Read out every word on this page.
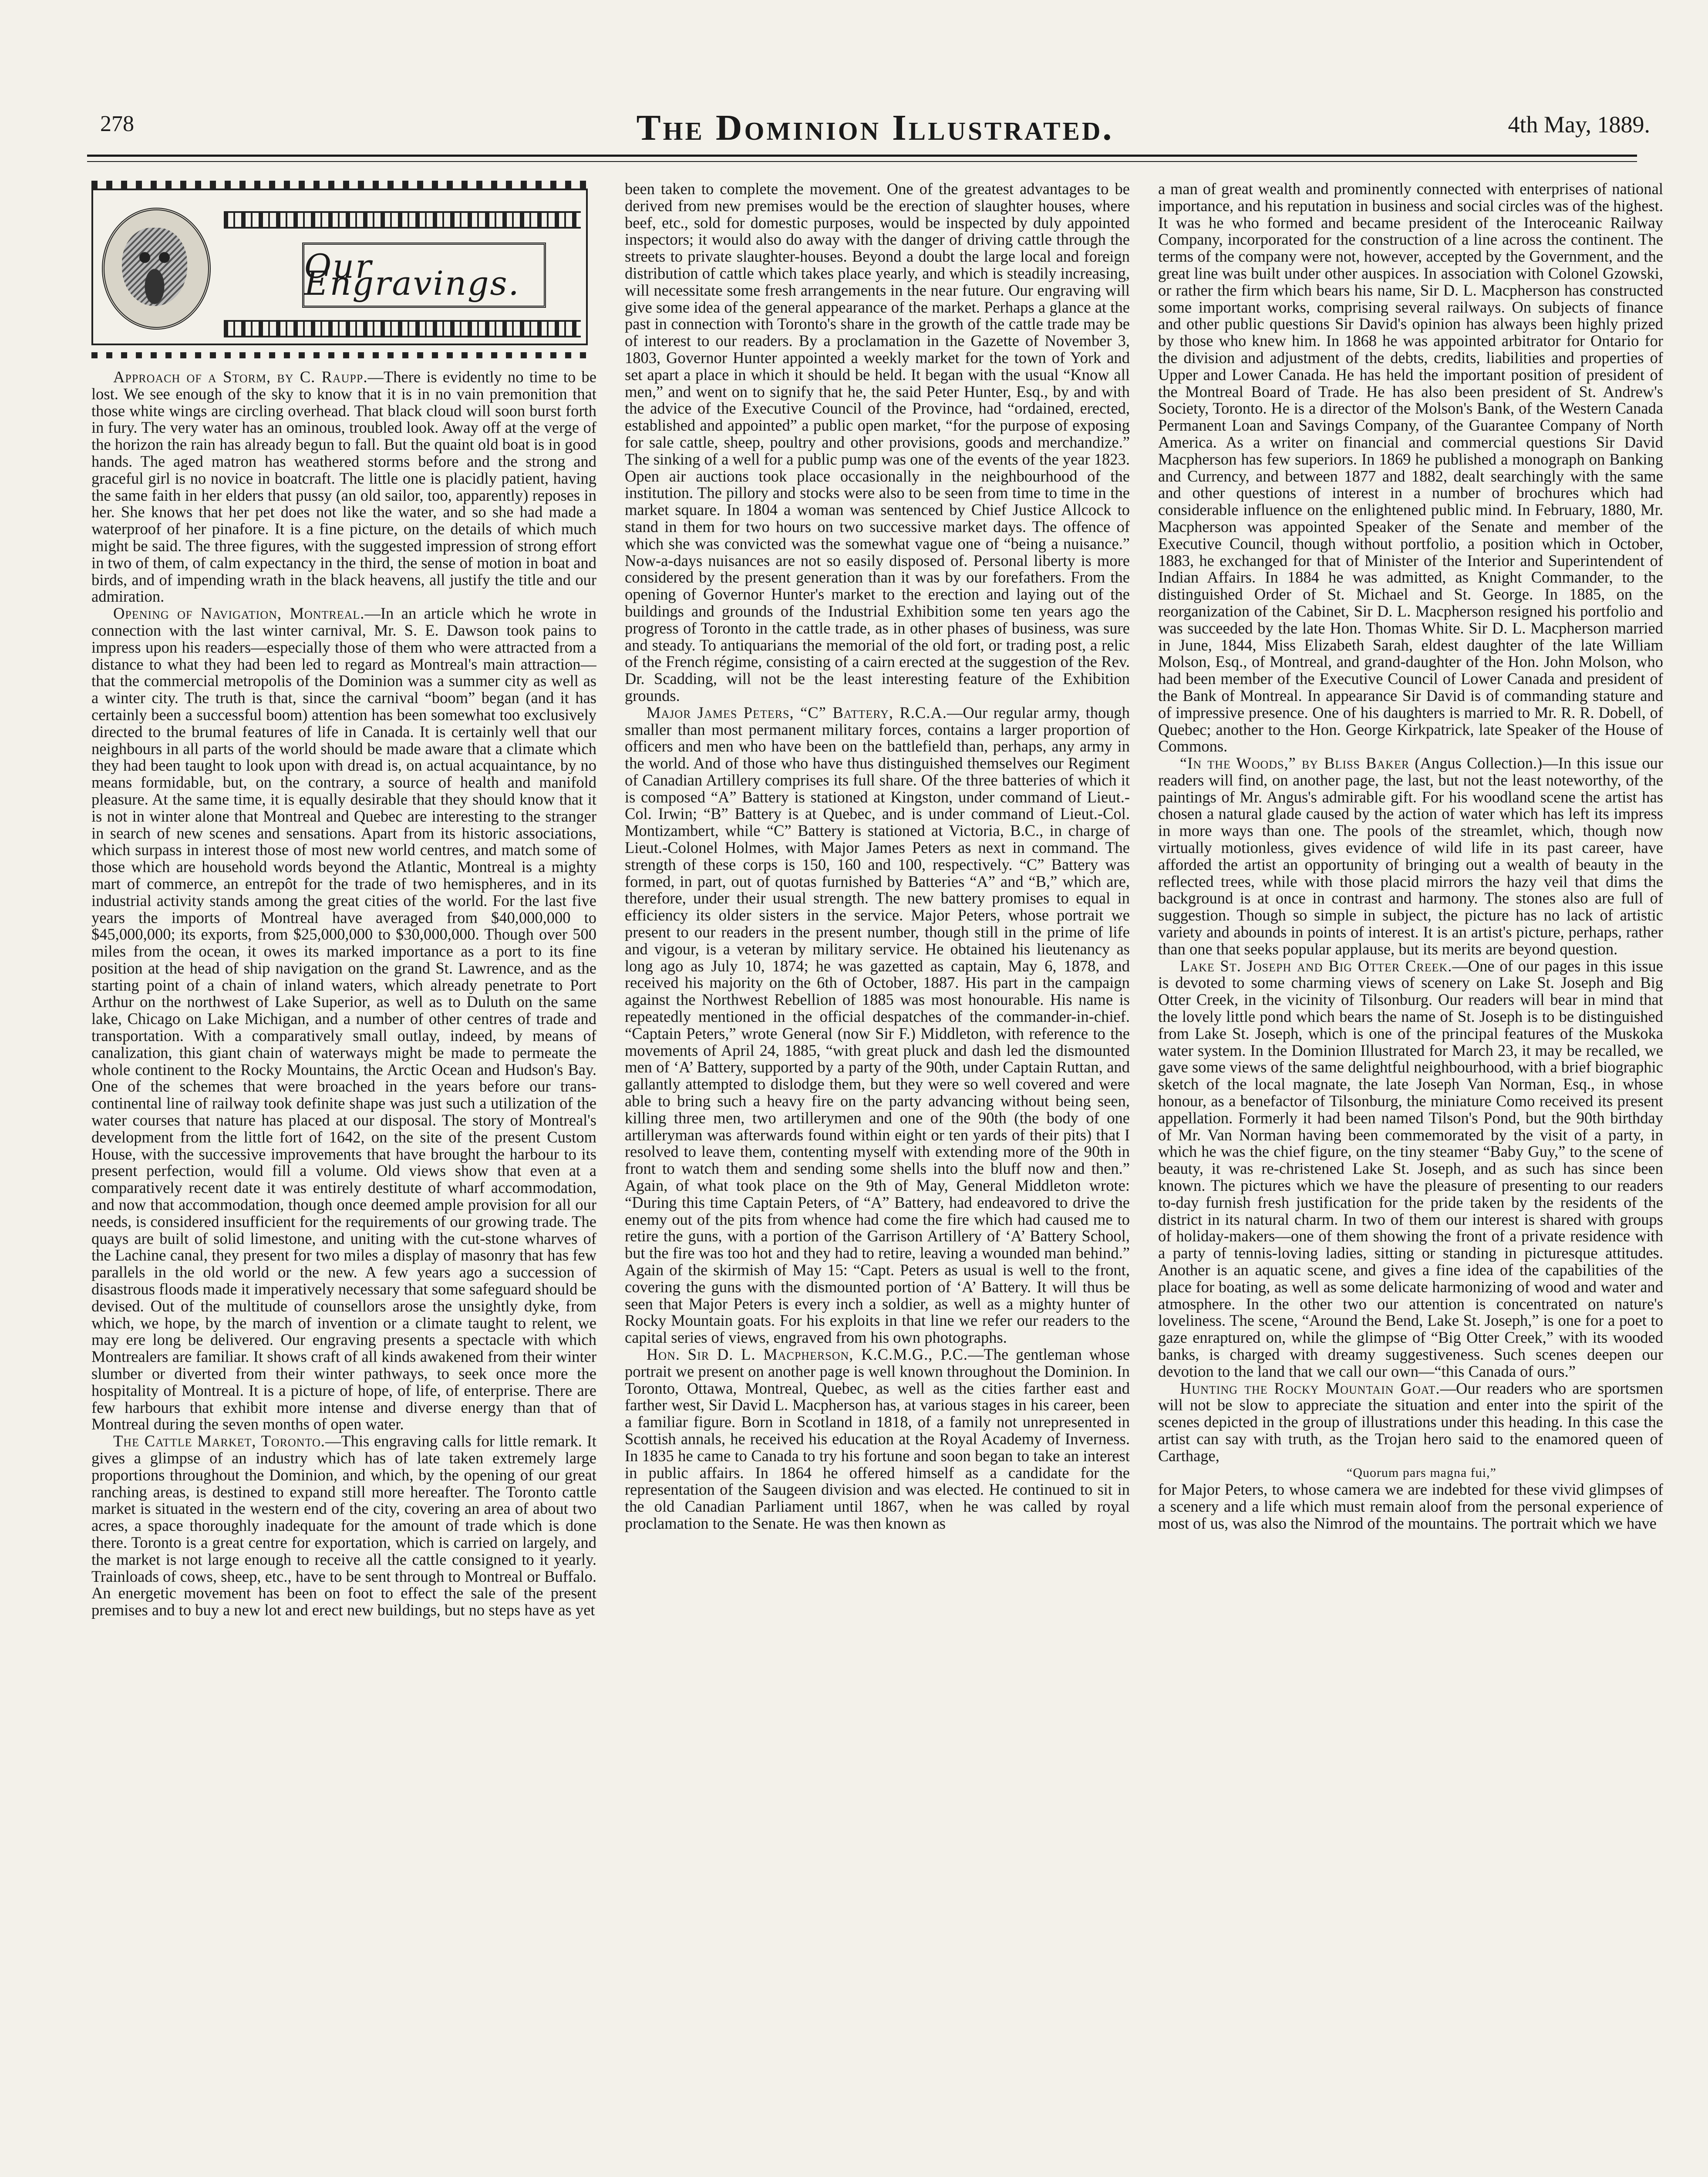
278	The Dominion Illustrated.	4th May, 1889.
Our Engravings.

Approach of a Storm, by C. Raupp.—There is evidently no time to be lost. We see enough of the sky to know that it is in no vain premonition that those white wings are circling overhead. That black cloud will soon burst forth in fury. The very water has an ominous, troubled look. Away off at the verge of the horizon the rain has already begun to fall. But the quaint old boat is in good hands. The aged matron has weathered storms before and the strong and graceful girl is no novice in boatcraft. The little one is placidly patient, having the same faith in her elders that pussy (an old sailor, too, apparently) reposes in her. She knows that her pet does not like the water, and so she had made a waterproof of her pinafore. It is a fine picture, on the details of which much might be said. The three figures, with the suggested impression of strong effort in two of them, of calm expectancy in the third, the sense of motion in boat and birds, and of impending wrath in the black heavens, all justify the title and our admiration.

Opening of Navigation, Montreal.—In an article which he wrote in connection with the last winter carnival, Mr. S. E. Dawson took pains to impress upon his readers—especially those of them who were attracted from a distance to what they had been led to regard as Montreal's main attraction—that the commercial metropolis of the Dominion was a summer city as well as a winter city. The truth is that, since the carnival “boom” began (and it has certainly been a successful boom) attention has been somewhat too exclusively directed to the brumal features of life in Canada. It is certainly well that our neighbours in all parts of the world should be made aware that a climate which they had been taught to look upon with dread is, on actual acquaintance, by no means formidable, but, on the contrary, a source of health and manifold pleasure. At the same time, it is equally desirable that they should know that it is not in winter alone that Montreal and Quebec are interesting to the stranger in search of new scenes and sensations. Apart from its historic associations, which surpass in interest those of most new world centres, and match some of those which are household words beyond the Atlantic, Montreal is a mighty mart of commerce, an entrepôt for the trade of two hemispheres, and in its industrial activity stands among the great cities of the world. For the last five years the imports of Montreal have averaged from $40,000,000 to $45,000,000; its exports, from $25,000,000 to $30,000,000. Though over 500 miles from the ocean, it owes its marked importance as a port to its fine position at the head of ship navigation on the grand St. Lawrence, and as the starting point of a chain of inland waters, which already penetrate to Port Arthur on the northwest of Lake Superior, as well as to Duluth on the same lake, Chicago on Lake Michigan, and a number of other centres of trade and transportation. With a comparatively small outlay, indeed, by means of canalization, this giant chain of waterways might be made to permeate the whole continent to the Rocky Mountains, the Arctic Ocean and Hudson's Bay. One of the schemes that were broached in the years before our trans-continental line of railway took definite shape was just such a utilization of the water courses that nature has placed at our disposal. The story of Montreal's development from the little fort of 1642, on the site of the present Custom House, with the successive improvements that have brought the harbour to its present perfection, would fill a volume. Old views show that even at a comparatively recent date it was entirely destitute of wharf accommodation, and now that accommodation, though once deemed ample provision for all our needs, is considered insufficient for the requirements of our growing trade. The quays are built of solid limestone, and uniting with the cut-stone wharves of the Lachine canal, they present for two miles a display of masonry that has few parallels in the old world or the new. A few years ago a succession of disastrous floods made it imperatively necessary that some safeguard should be devised. Out of the multitude of counsellors arose the unsightly dyke, from which, we hope, by the march of invention or a climate taught to relent, we may ere long be delivered. Our engraving presents a spectacle with which Montrealers are familiar. It shows craft of all kinds awakened from their winter slumber or diverted from their winter pathways, to seek once more the hospitality of Montreal. It is a picture of hope, of life, of enterprise. There are few harbours that exhibit more intense and diverse energy than that of Montreal during the seven months of open water.

The Cattle Market, Toronto.—This engraving calls for little remark. It gives a glimpse of an industry which has of late taken extremely large proportions throughout the Dominion, and which, by the opening of our great ranching areas, is destined to expand still more hereafter. The Toronto cattle market is situated in the western end of the city, covering an area of about two acres, a space thoroughly inadequate for the amount of trade which is done there. Toronto is a great centre for exportation, which is carried on largely, and the market is not large enough to receive all the cattle consigned to it yearly. Trainloads of cows, sheep, etc., have to be sent through to Montreal or Buffalo. An energetic movement has been on foot to effect the sale of the present premises and to buy a new lot and erect new buildings, but no steps have as yet

been taken to complete the movement. One of the greatest advantages to be derived from new premises would be the erection of slaughter houses, where beef, etc., sold for domestic purposes, would be inspected by duly appointed inspectors; it would also do away with the danger of driving cattle through the streets to private slaughter-houses. Beyond a doubt the large local and foreign distribution of cattle which takes place yearly, and which is steadily increasing, will necessitate some fresh arrangements in the near future. Our engraving will give some idea of the general appearance of the market. Perhaps a glance at the past in connection with Toronto's share in the growth of the cattle trade may be of interest to our readers. By a proclamation in the Gazette of November 3, 1803, Governor Hunter appointed a weekly market for the town of York and set apart a place in which it should be held. It began with the usual “Know all men,” and went on to signify that he, the said Peter Hunter, Esq., by and with the advice of the Executive Council of the Province, had “ordained, erected, established and appointed” a public open market, “for the purpose of exposing for sale cattle, sheep, poultry and other provisions, goods and merchandize.” The sinking of a well for a public pump was one of the events of the year 1823. Open air auctions took place occasionally in the neighbourhood of the institution. The pillory and stocks were also to be seen from time to time in the market square. In 1804 a woman was sentenced by Chief Justice Allcock to stand in them for two hours on two successive market days. The offence of which she was convicted was the somewhat vague one of “being a nuisance.” Now-a-days nuisances are not so easily disposed of. Personal liberty is more considered by the present generation than it was by our forefathers. From the opening of Governor Hunter's market to the erection and laying out of the buildings and grounds of the Industrial Exhibition some ten years ago the progress of Toronto in the cattle trade, as in other phases of business, was sure and steady. To antiquarians the memorial of the old fort, or trading post, a relic of the French régime, consisting of a cairn erected at the suggestion of the Rev. Dr. Scadding, will not be the least interesting feature of the Exhibition grounds.

Major James Peters, “C” Battery, R.C.A.—Our regular army, though smaller than most permanent military forces, contains a larger proportion of officers and men who have been on the battlefield than, perhaps, any army in the world. And of those who have thus distinguished themselves our Regiment of Canadian Artillery comprises its full share. Of the three batteries of which it is composed “A” Battery is stationed at Kingston, under command of Lieut.-Col. Irwin; “B” Battery is at Quebec, and is under command of Lieut.-Col. Montizambert, while “C” Battery is stationed at Victoria, B.C., in charge of Lieut.-Colonel Holmes, with Major James Peters as next in command. The strength of these corps is 150, 160 and 100, respectively. “C” Battery was formed, in part, out of quotas furnished by Batteries “A” and “B,” which are, therefore, under their usual strength. The new battery promises to equal in efficiency its older sisters in the service. Major Peters, whose portrait we present to our readers in the present number, though still in the prime of life and vigour, is a veteran by military service. He obtained his lieutenancy as long ago as July 10, 1874; he was gazetted as captain, May 6, 1878, and received his majority on the 6th of October, 1887. His part in the campaign against the Northwest Rebellion of 1885 was most honourable. His name is repeatedly mentioned in the official despatches of the commander-in-chief. “Captain Peters,” wrote General (now Sir F.) Middleton, with reference to the movements of April 24, 1885, “with great pluck and dash led the dismounted men of ‘A’ Battery, supported by a party of the 90th, under Captain Ruttan, and gallantly attempted to dislodge them, but they were so well covered and were able to bring such a heavy fire on the party advancing without being seen, killing three men, two artillerymen and one of the 90th (the body of one artilleryman was afterwards found within eight or ten yards of their pits) that I resolved to leave them, contenting myself with extending more of the 90th in front to watch them and sending some shells into the bluff now and then.” Again, of what took place on the 9th of May, General Middleton wrote: “During this time Captain Peters, of “A” Battery, had endeavored to drive the enemy out of the pits from whence had come the fire which had caused me to retire the guns, with a portion of the Garrison Artillery of ‘A’ Battery School, but the fire was too hot and they had to retire, leaving a wounded man behind.” Again of the skirmish of May 15: “Capt. Peters as usual is well to the front, covering the guns with the dismounted portion of ‘A’ Battery. It will thus be seen that Major Peters is every inch a soldier, as well as a mighty hunter of Rocky Mountain goats. For his exploits in that line we refer our readers to the capital series of views, engraved from his own photographs.

Hon. Sir D. L. Macpherson, K.C.M.G., P.C.—The gentleman whose portrait we present on another page is well known throughout the Dominion. In Toronto, Ottawa, Montreal, Quebec, as well as the cities farther east and farther west, Sir David L. Macpherson has, at various stages in his career, been a familiar figure. Born in Scotland in 1818, of a family not unrepresented in Scottish annals, he received his education at the Royal Academy of Inverness. In 1835 he came to Canada to try his fortune and soon began to take an interest in public affairs. In 1864 he offered himself as a candidate for the representation of the Saugeen division and was elected. He continued to sit in the old Canadian Parliament until 1867, when he was called by royal proclamation to the Senate. He was then known as

a man of great wealth and prominently connected with enterprises of national importance, and his reputation in business and social circles was of the highest. It was he who formed and became president of the Interoceanic Railway Company, incorporated for the construction of a line across the continent. The terms of the company were not, however, accepted by the Government, and the great line was built under other auspices. In association with Colonel Gzowski, or rather the firm which bears his name, Sir D. L. Macpherson has constructed some important works, comprising several railways. On subjects of finance and other public questions Sir David's opinion has always been highly prized by those who knew him. In 1868 he was appointed arbitrator for Ontario for the division and adjustment of the debts, credits, liabilities and properties of Upper and Lower Canada. He has held the important position of president of the Montreal Board of Trade. He has also been president of St. Andrew's Society, Toronto. He is a director of the Molson's Bank, of the Western Canada Permanent Loan and Savings Company, of the Guarantee Company of North America. As a writer on financial and commercial questions Sir David Macpherson has few superiors. In 1869 he published a monograph on Banking and Currency, and between 1877 and 1882, dealt searchingly with the same and other questions of interest in a number of brochures which had considerable influence on the enlightened public mind. In February, 1880, Mr. Macpherson was appointed Speaker of the Senate and member of the Executive Council, though without portfolio, a position which in October, 1883, he exchanged for that of Minister of the Interior and Superintendent of Indian Affairs. In 1884 he was admitted, as Knight Commander, to the distinguished Order of St. Michael and St. George. In 1885, on the reorganization of the Cabinet, Sir D. L. Macpherson resigned his portfolio and was succeeded by the late Hon. Thomas White. Sir D. L. Macpherson married in June, 1844, Miss Elizabeth Sarah, eldest daughter of the late William Molson, Esq., of Montreal, and grand-daughter of the Hon. John Molson, who had been member of the Executive Council of Lower Canada and president of the Bank of Montreal. In appearance Sir David is of commanding stature and of impressive presence. One of his daughters is married to Mr. R. R. Dobell, of Quebec; another to the Hon. George Kirkpatrick, late Speaker of the House of Commons.

“In the Woods,” by Bliss Baker (Angus Collection.)—In this issue our readers will find, on another page, the last, but not the least noteworthy, of the paintings of Mr. Angus's admirable gift. For his woodland scene the artist has chosen a natural glade caused by the action of water which has left its impress in more ways than one. The pools of the streamlet, which, though now virtually motionless, gives evidence of wild life in its past career, have afforded the artist an opportunity of bringing out a wealth of beauty in the reflected trees, while with those placid mirrors the hazy veil that dims the background is at once in contrast and harmony. The stones also are full of suggestion. Though so simple in subject, the picture has no lack of artistic variety and abounds in points of interest. It is an artist's picture, perhaps, rather than one that seeks popular applause, but its merits are beyond question.

Lake St. Joseph and Big Otter Creek.—One of our pages in this issue is devoted to some charming views of scenery on Lake St. Joseph and Big Otter Creek, in the vicinity of Tilsonburg. Our readers will bear in mind that the lovely little pond which bears the name of St. Joseph is to be distinguished from Lake St. Joseph, which is one of the principal features of the Muskoka water system. In the Dominion Illustrated for March 23, it may be recalled, we gave some views of the same delightful neighbourhood, with a brief biographic sketch of the local magnate, the late Joseph Van Norman, Esq., in whose honour, as a benefactor of Tilsonburg, the miniature Como received its present appellation. Formerly it had been named Tilson's Pond, but the 90th birthday of Mr. Van Norman having been commemorated by the visit of a party, in which he was the chief figure, on the tiny steamer “Baby Guy,” to the scene of beauty, it was re-christened Lake St. Joseph, and as such has since been known. The pictures which we have the pleasure of presenting to our readers to-day furnish fresh justification for the pride taken by the residents of the district in its natural charm. In two of them our interest is shared with groups of holiday-makers—one of them showing the front of a private residence with a party of tennis-loving ladies, sitting or standing in picturesque attitudes. Another is an aquatic scene, and gives a fine idea of the capabilities of the place for boating, as well as some delicate harmonizing of wood and water and atmosphere. In the other two our attention is concentrated on nature's loveliness. The scene, “Around the Bend, Lake St. Joseph,” is one for a poet to gaze enraptured on, while the glimpse of “Big Otter Creek,” with its wooded banks, is charged with dreamy suggestiveness. Such scenes deepen our devotion to the land that we call our own—“this Canada of ours.”

Hunting the Rocky Mountain Goat.—Our readers who are sportsmen will not be slow to appreciate the situation and enter into the spirit of the scenes depicted in the group of illustrations under this heading. In this case the artist can say with truth, as the Trojan hero said to the enamored queen of Carthage,

“Quorum pars magna fui,”

for Major Peters, to whose camera we are indebted for these vivid glimpses of a scenery and a life which must remain aloof from the personal experience of most of us, was also the Nimrod of the mountains. The portrait which we have
